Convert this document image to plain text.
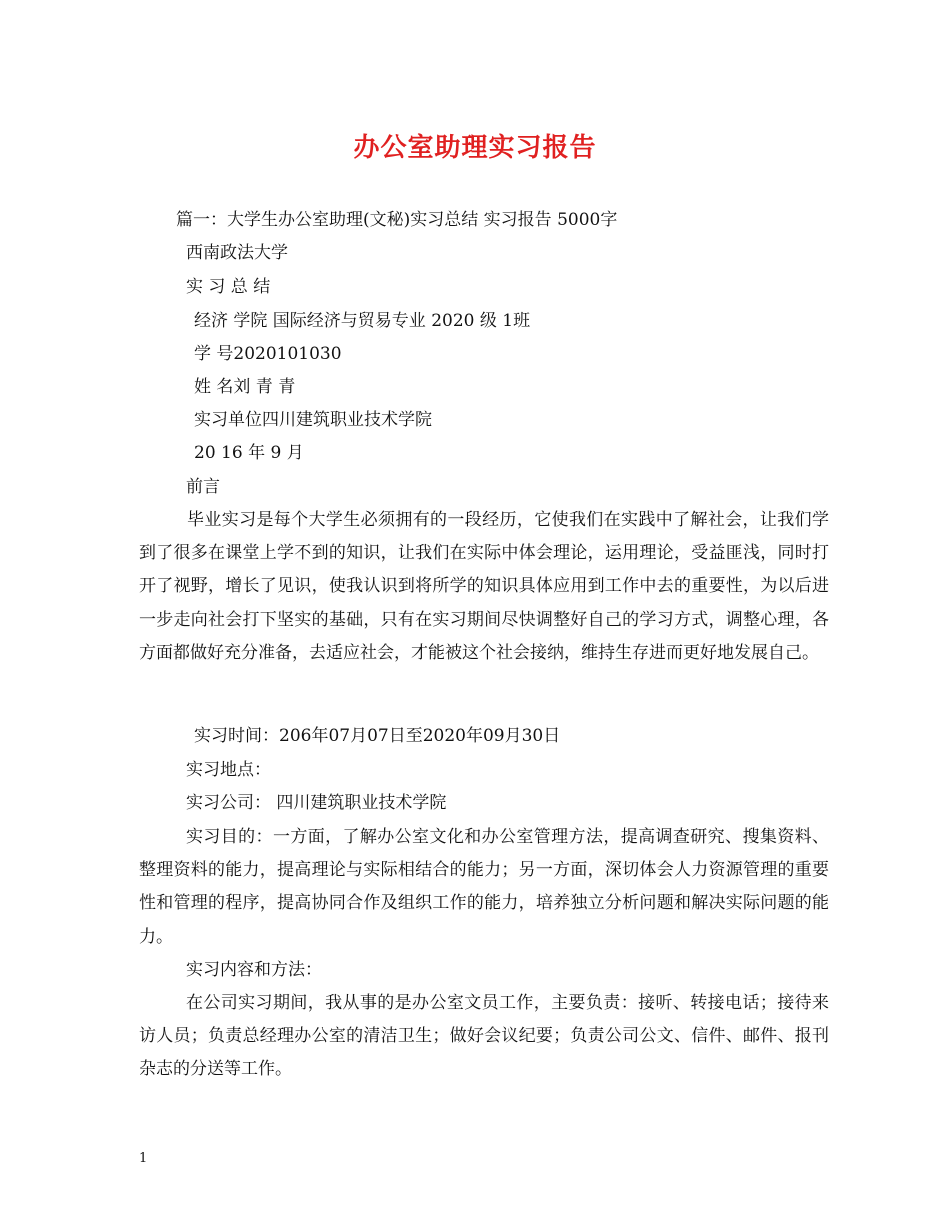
办公室助理实习报告
篇一：大学生办公室助理(文秘)实习总结 实习报告 5000字
西南政法大学
实 习 总 结
经济 学院 国际经济与贸易专业 2020 级 1班
学 号2020101030
姓 名刘 青 青
实习单位四川建筑职业技术学院
20 16 年 9 月
前言
毕业实习是每个大学生必须拥有的一段经历，它使我们在实践中了解社会，让我们学到了很多在课堂上学不到的知识，让我们在实际中体会理论，运用理论，受益匪浅，同时打开了视野，增长了见识，使我认识到将所学的知识具体应用到工作中去的重要性，为以后进一步走向社会打下坚实的基础，只有在实习期间尽快调整好自己的学习方式，调整心理，各方面都做好充分准备，去适应社会，才能被这个社会接纳，维持生存进而更好地发展自己。
实习时间：206年07月07日至2020年09月30日
实习地点：
实习公司： 四川建筑职业技术学院
实习目的：一方面，了解办公室文化和办公室管理方法，提高调查研究、搜集资料、整理资料的能力，提高理论与实际相结合的能力；另一方面，深切体会人力资源管理的重要性和管理的程序，提高协同合作及组织工作的能力，培养独立分析问题和解决实际问题的能力。
实习内容和方法：
在公司实习期间，我从事的是办公室文员工作，主要负责：接听、转接电话；接待来访人员；负责总经理办公室的清洁卫生；做好会议纪要；负责公司公文、信件、邮件、报刊杂志的分送等工作。
1
